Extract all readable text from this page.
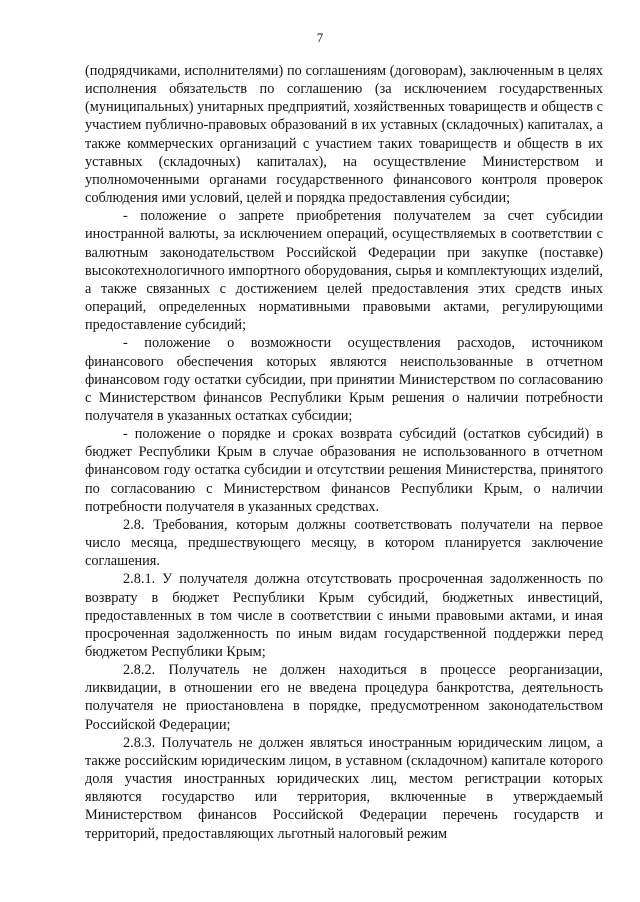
7

(подрядчиками, исполнителями) по соглашениям (договорам), заключенным в целях исполнения обязательств по соглашению (за исключением государственных (муниципальных) унитарных предприятий, хозяйственных товариществ и обществ с участием публично-правовых образований в их уставных (складочных) капиталах, а также коммерческих организаций с участием таких товариществ и обществ в их уставных (складочных) капиталах), на осуществление Министерством и уполномоченными органами государственного финансового контроля проверок соблюдения ими условий, целей и порядка предоставления субсидии;

- положение о запрете приобретения получателем за счет субсидии иностранной валюты, за исключением операций, осуществляемых в соответствии с валютным законодательством Российской Федерации при закупке (поставке) высокотехнологичного импортного оборудования, сырья и комплектующих изделий, а также связанных с достижением целей предоставления этих средств иных операций, определенных нормативными правовыми актами, регулирующими предоставление субсидий;

- положение о возможности осуществления расходов, источником финансового обеспечения которых являются неиспользованные в отчетном финансовом году остатки субсидии, при принятии Министерством по согласованию с Министерством финансов Республики Крым решения о наличии потребности получателя в указанных остатках субсидии;

- положение о порядке и сроках возврата субсидий (остатков субсидий) в бюджет Республики Крым в случае образования не использованного в отчетном финансовом году остатка субсидии и отсутствии решения Министерства, принятого по согласованию с Министерством финансов Республики Крым, о наличии потребности получателя в указанных средствах.

2.8. Требования, которым должны соответствовать получатели на первое число месяца, предшествующего месяцу, в котором планируется заключение соглашения.

2.8.1. У получателя должна отсутствовать просроченная задолженность по возврату в бюджет Республики Крым субсидий, бюджетных инвестиций, предоставленных в том числе в соответствии с иными правовыми актами, и иная просроченная задолженность по иным видам государственной поддержки перед бюджетом Республики Крым;

2.8.2. Получатель не должен находиться в процессе реорганизации, ликвидации, в отношении его не введена процедура банкротства, деятельность получателя не приостановлена в порядке, предусмотренном законодательством Российской Федерации;

2.8.3. Получатель не должен являться иностранным юридическим лицом, а также российским юридическим лицом, в уставном (складочном) капитале которого доля участия иностранных юридических лиц, местом регистрации которых являются государство или территория, включенные в утверждаемый Министерством финансов Российской Федерации перечень государств и территорий, предоставляющих льготный налоговый режим
